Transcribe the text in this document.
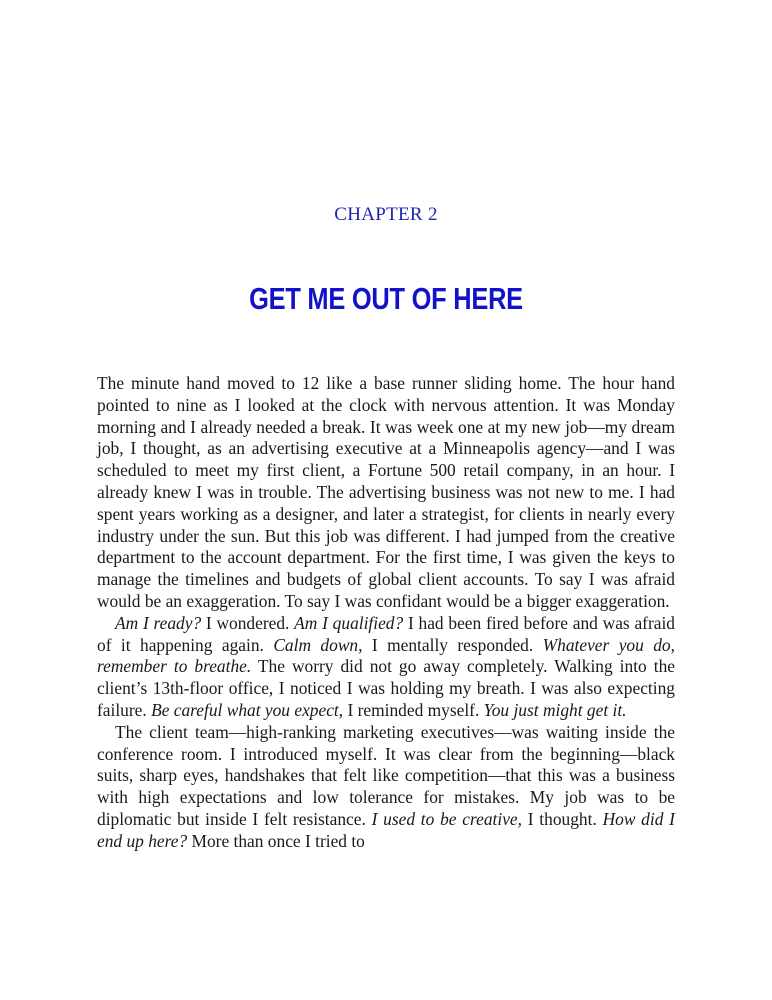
CHAPTER 2
GET ME OUT OF HERE

The minute hand moved to 12 like a base runner sliding home. The hour hand pointed to nine as I looked at the clock with nervous attention. It was Monday morning and I already needed a break. It was week one at my new job—my dream job, I thought, as an advertising executive at a Minneapolis agency—and I was scheduled to meet my first client, a Fortune 500 retail company, in an hour. I already knew I was in trouble. The advertising business was not new to me. I had spent years working as a designer, and later a strategist, for clients in nearly every industry under the sun. But this job was different. I had jumped from the creative department to the account department. For the first time, I was given the keys to manage the timelines and budgets of global client accounts. To say I was afraid would be an exaggeration. To say I was confidant would be a bigger exaggeration.

Am I ready? I wondered. Am I qualified? I had been fired before and was afraid of it happening again. Calm down, I mentally responded. Whatever you do, remember to breathe. The worry did not go away completely. Walking into the client’s 13th-floor office, I noticed I was holding my breath. I was also expecting failure. Be careful what you expect, I reminded myself. You just might get it.

The client team—high-ranking marketing executives—was waiting inside the conference room. I introduced myself. It was clear from the beginning—black suits, sharp eyes, handshakes that felt like competition—that this was a business with high expectations and low tolerance for mistakes. My job was to be diplomatic but inside I felt resistance. I used to be creative, I thought. How did I end up here? More than once I tried to
